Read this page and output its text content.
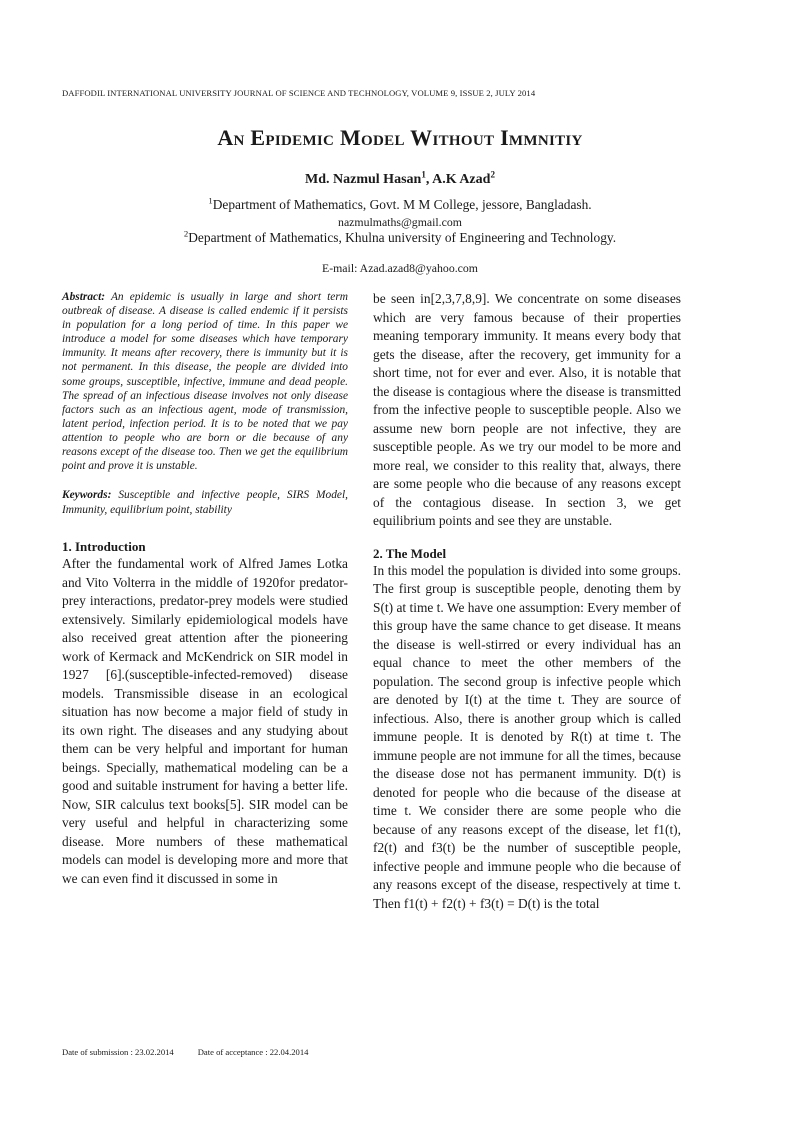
DAFFODIL INTERNATIONAL UNIVERSITY JOURNAL OF SCIENCE AND TECHNOLOGY, VOLUME 9, ISSUE 2, JULY 2014
An Epidemic Model Without Immnitiy
Md. Nazmul Hasan$^1$, A.K Azad$^2$
$^1$Department of Mathematics, Govt. M M College, jessore, Bangladash.
nazmulmaths@gmail.com
$^2$Department of Mathematics, Khulna university of Engineering and Technology.
E-mail: Azad.azad8@yahoo.com

Abstract: An epidemic is usually in large and short term outbreak of disease. A disease is called endemic if it persists in population for a long period of time. In this paper we introduce a model for some diseases which have temporary immunity. It means after recovery, there is immunity but it is not permanent. In this disease, the people are divided into some groups, susceptible, infective, immune and dead people. The spread of an infectious disease involves not only disease factors such as an infectious agent, mode of transmission, latent period, infection period. It is to be noted that we pay attention to people who are born or die because of any reasons except of the disease too. Then we get the equilibrium point and prove it is unstable.

Keywords: Susceptible and infective people, SIRS Model, Immunity, equilibrium point, stability

1. Introduction

After the fundamental work of Alfred James Lotka and Vito Volterra in the middle of 1920for predator-prey interactions, predator-prey models were studied extensively. Similarly epidemiological models have also received great attention after the pioneering work of Kermack and McKendrick on SIR model in 1927 [6].(susceptible-infected-removed) disease models. Transmissible disease in an ecological situation has now become a major field of study in its own right. The diseases and any studying about them can be very helpful and important for human beings. Specially, mathematical modeling can be a good and suitable instrument for having a better life. Now, SIR calculus text books[5]. SIR model can be very useful and helpful in characterizing some disease. More numbers of these mathematical models can model is developing more and more that we can even find it discussed in some in

be seen in[2,3,7,8,9]. We concentrate on some diseases which are very famous because of their properties meaning temporary immunity. It means every body that gets the disease, after the recovery, get immunity for a short time, not for ever and ever. Also, it is notable that the disease is contagious where the disease is transmitted from the infective people to susceptible people. Also we assume new born people are not infective, they are susceptible people. As we try our model to be more and more real, we consider to this reality that, always, there are some people who die because of any reasons except of the contagious disease. In section 3, we get equilibrium points and see they are unstable.

2. The Model

In this model the population is divided into some groups. The first group is susceptible people, denoting them by S(t) at time t. We have one assumption: Every member of this group have the same chance to get disease. It means the disease is well-stirred or every individual has an equal chance to meet the other members of the population. The second group is infective people which are denoted by I(t) at the time t. They are source of infectious. Also, there is another group which is called immune people. It is denoted by R(t) at time t. The immune people are not immune for all the times, because the disease dose not has permanent immunity. D(t) is denoted for people who die because of the disease at time t. We consider there are some people who die because of any reasons except of the disease, let f1(t), f2(t) and f3(t) be the number of susceptible people, infective people and immune people who die because of any reasons except of the disease, respectively at time t. Then f1(t) + f2(t) + f3(t) = D(t) is the total

Date of submission : 23.02.2014	Date of acceptance : 22.04.2014
